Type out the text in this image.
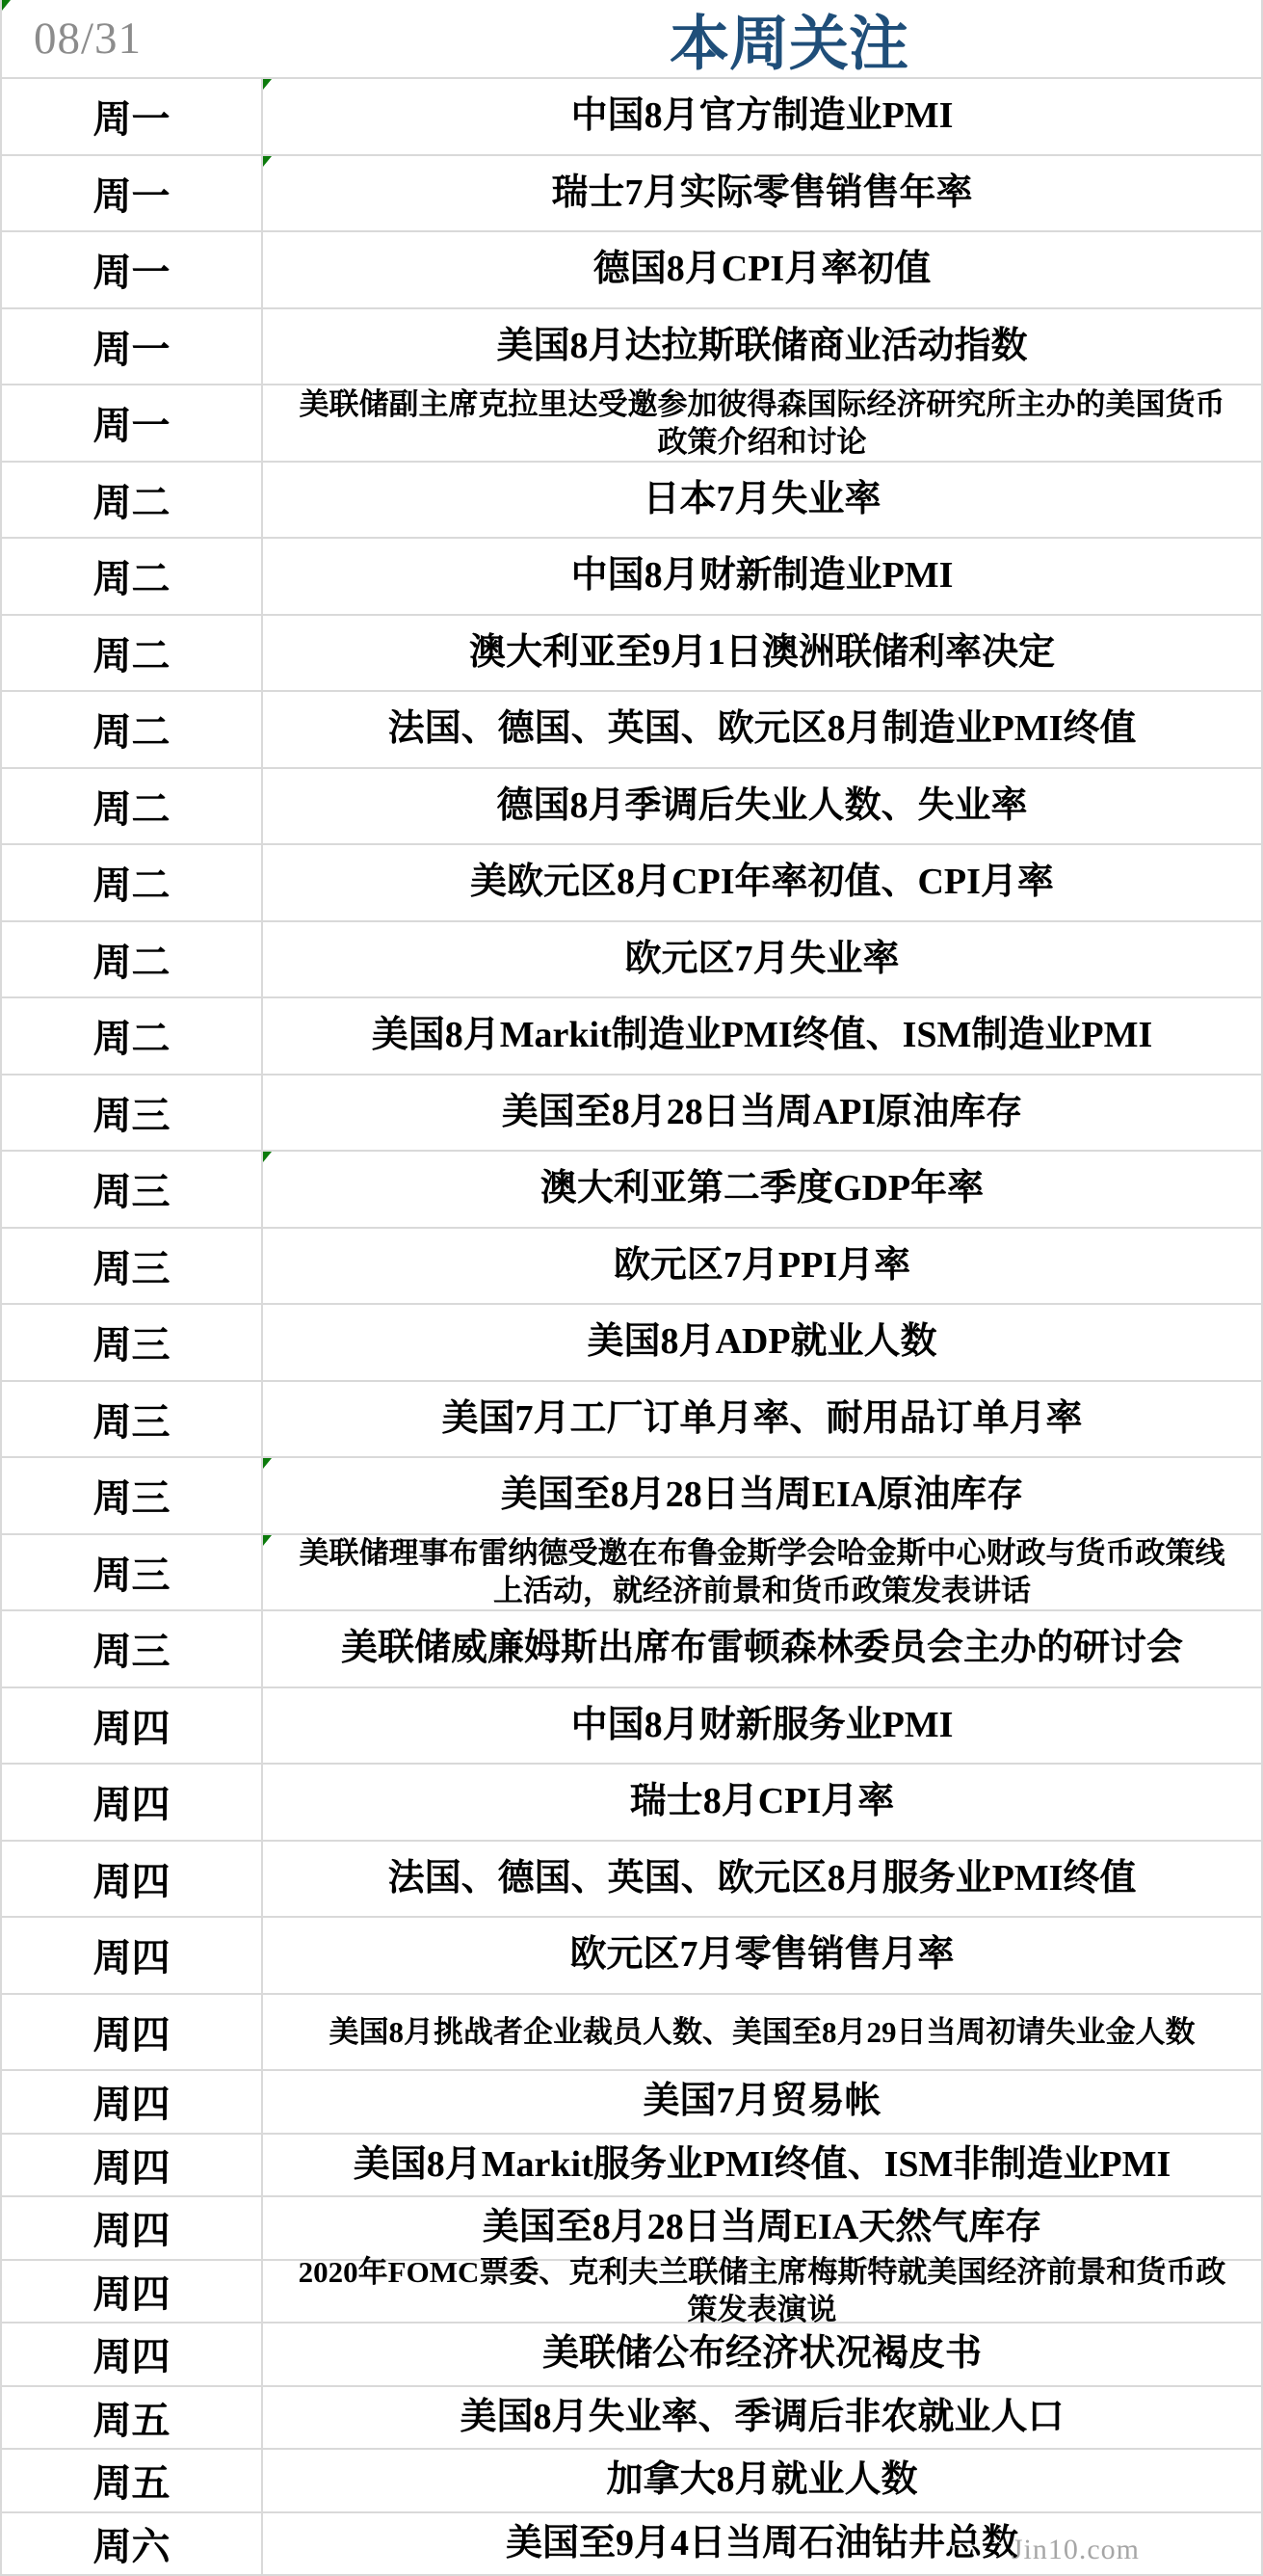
08/31	本周关注
周一	中国8月官方制造业PMI
周一	瑞士7月实际零售销售年率
周一	德国8月CPI月率初值
周一	美国8月达拉斯联储商业活动指数
周一	美联储副主席克拉里达受邀参加彼得森国际经济研究所主办的美国货币政策介绍和讨论
周二	日本7月失业率
周二	中国8月财新制造业PMI
周二	澳大利亚至9月1日澳洲联储利率决定
周二	法国、德国、英国、欧元区8月制造业PMI终值
周二	德国8月季调后失业人数、失业率
周二	美欧元区8月CPI年率初值、CPI月率
周二	欧元区7月失业率
周二	美国8月Markit制造业PMI终值、ISM制造业PMI
周三	美国至8月28日当周API原油库存
周三	澳大利亚第二季度GDP年率
周三	欧元区7月PPI月率
周三	美国8月ADP就业人数
周三	美国7月工厂订单月率、耐用品订单月率
周三	美国至8月28日当周EIA原油库存
周三	美联储理事布雷纳德受邀在布鲁金斯学会哈金斯中心财政与货币政策线上活动，就经济前景和货币政策发表讲话
周三	美联储威廉姆斯出席布雷顿森林委员会主办的研讨会
周四	中国8月财新服务业PMI
周四	瑞士8月CPI月率
周四	法国、德国、英国、欧元区8月服务业PMI终值
周四	欧元区7月零售销售月率
周四	美国8月挑战者企业裁员人数、美国至8月29日当周初请失业金人数
周四	美国7月贸易帐
周四	美国8月Markit服务业PMI终值、ISM非制造业PMI
周四	美国至8月28日当周EIA天然气库存
周四	2020年FOMC票委、克利夫兰联储主席梅斯特就美国经济前景和货币政策发表演说
周四	美联储公布经济状况褐皮书
周五	美国8月失业率、季调后非农就业人口
周五	加拿大8月就业人数
周六	美国至9月4日当周石油钻井总数
Jin10.com
